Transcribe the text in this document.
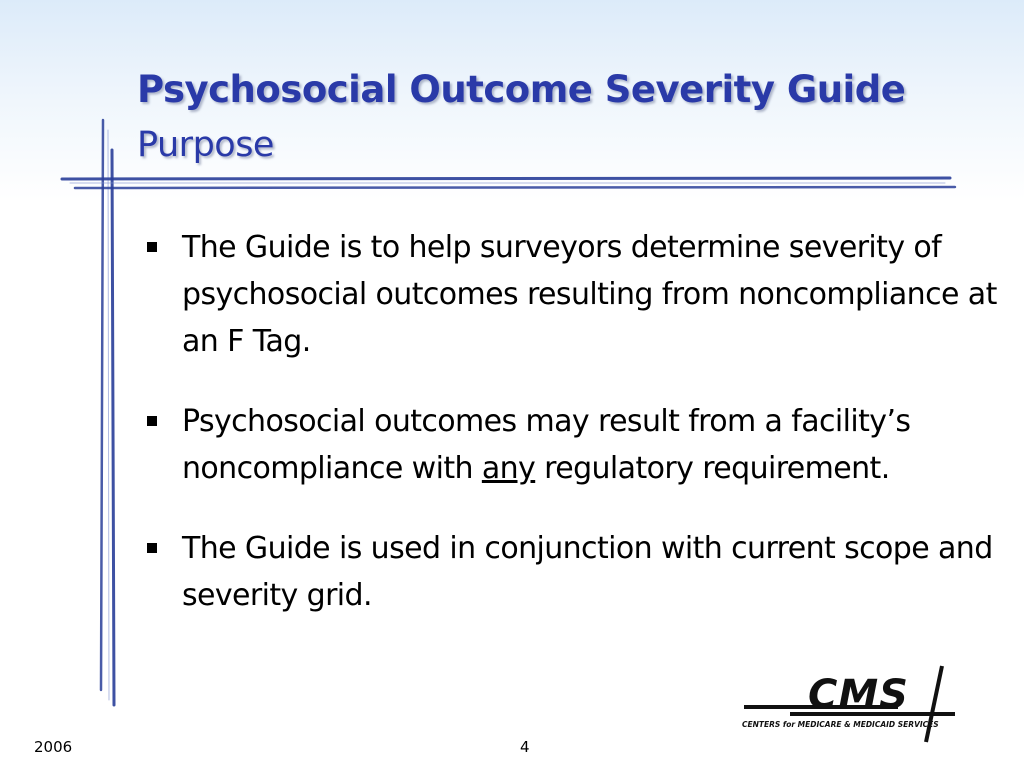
Psychosocial Outcome Severity Guide
Purpose
The Guide is to help surveyors determine severity of psychosocial outcomes resulting from noncompliance at an F Tag.
Psychosocial outcomes may result from a facility’s noncompliance with any regulatory requirement.
The Guide is used in conjunction with current scope and severity grid.
CMS
CENTERS for MEDICARE & MEDICAID SERVICES
2006	4
